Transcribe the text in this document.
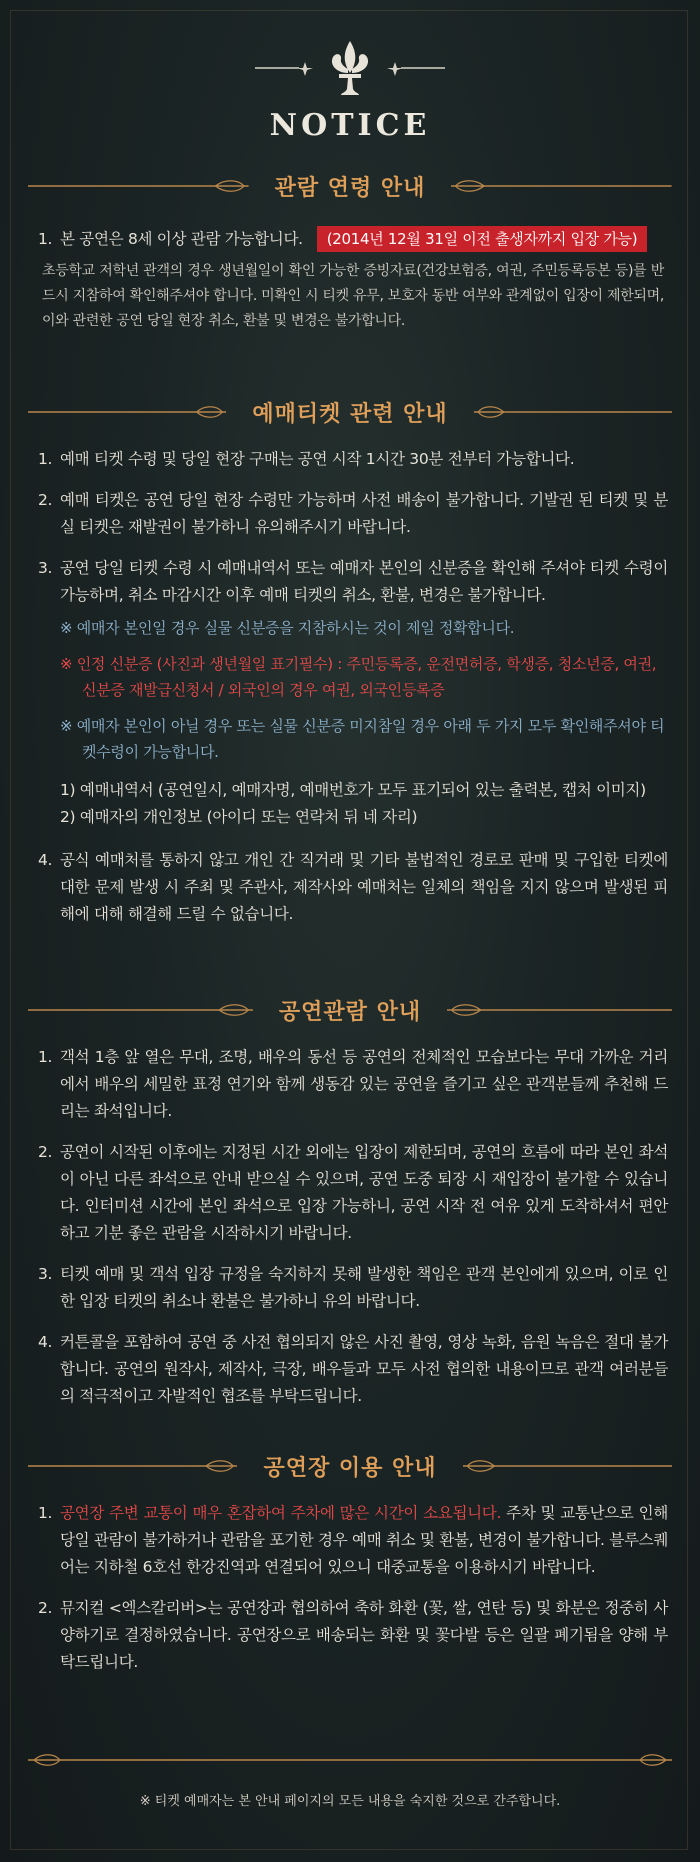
NOTICE
관람 연령 안내
1. 본 공연은 8세 이상 관람 가능합니다. (2014년 12월 31일 이전 출생자까지 입장 가능)
초등학교 저학년 관객의 경우 생년월일이 확인 가능한 증빙자료(건강보험증, 여권, 주민등록등본 등)를 반드시 지참하여 확인해주셔야 합니다. 미확인 시 티켓 유무, 보호자 동반 여부와 관계없이 입장이 제한되며, 이와 관련한 공연 당일 현장 취소, 환불 및 변경은 불가합니다.
예매티켓 관련 안내
1. 예매 티켓 수령 및 당일 현장 구매는 공연 시작 1시간 30분 전부터 가능합니다.
2. 예매 티켓은 공연 당일 현장 수령만 가능하며 사전 배송이 불가합니다. 기발권 된 티켓 및 분실 티켓은 재발권이 불가하니 유의해주시기 바랍니다.
3. 공연 당일 티켓 수령 시 예매내역서 또는 예매자 본인의 신분증을 확인해 주셔야 티켓 수령이 가능하며, 취소 마감시간 이후 예매 티켓의 취소, 환불, 변경은 불가합니다.
※ 예매자 본인일 경우 실물 신분증을 지참하시는 것이 제일 정확합니다.
※ 인정 신분증 (사진과 생년월일 표기필수) : 주민등록증, 운전면허증, 학생증, 청소년증, 여권, 신분증 재발급신청서 / 외국인의 경우 여권, 외국인등록증
※ 예매자 본인이 아닐 경우 또는 실물 신분증 미지참일 경우 아래 두 가지 모두 확인해주셔야 티켓수령이 가능합니다.
1) 예매내역서 (공연일시, 예매자명, 예매번호가 모두 표기되어 있는 출력본, 캡처 이미지)
2) 예매자의 개인정보 (아이디 또는 연락처 뒤 네 자리)
4. 공식 예매처를 통하지 않고 개인 간 직거래 및 기타 불법적인 경로로 판매 및 구입한 티켓에 대한 문제 발생 시 주최 및 주관사, 제작사와 예매처는 일체의 책임을 지지 않으며 발생된 피해에 대해 해결해 드릴 수 없습니다.
공연관람 안내
1. 객석 1층 앞 열은 무대, 조명, 배우의 동선 등 공연의 전체적인 모습보다는 무대 가까운 거리에서 배우의 세밀한 표정 연기와 함께 생동감 있는 공연을 즐기고 싶은 관객분들께 추천해 드리는 좌석입니다.
2. 공연이 시작된 이후에는 지정된 시간 외에는 입장이 제한되며, 공연의 흐름에 따라 본인 좌석이 아닌 다른 좌석으로 안내 받으실 수 있으며, 공연 도중 퇴장 시 재입장이 불가할 수 있습니다. 인터미션 시간에 본인 좌석으로 입장 가능하니, 공연 시작 전 여유 있게 도착하셔서 편안하고 기분 좋은 관람을 시작하시기 바랍니다.
3. 티켓 예매 및 객석 입장 규정을 숙지하지 못해 발생한 책임은 관객 본인에게 있으며, 이로 인한 입장 티켓의 취소나 환불은 불가하니 유의 바랍니다.
4. 커튼콜을 포함하여 공연 중 사전 협의되지 않은 사진 촬영, 영상 녹화, 음원 녹음은 절대 불가합니다. 공연의 원작사, 제작사, 극장, 배우들과 모두 사전 협의한 내용이므로 관객 여러분들의 적극적이고 자발적인 협조를 부탁드립니다.
공연장 이용 안내
1. 공연장 주변 교통이 매우 혼잡하여 주차에 많은 시간이 소요됩니다. 주차 및 교통난으로 인해 당일 관람이 불가하거나 관람을 포기한 경우 예매 취소 및 환불, 변경이 불가합니다. 블루스퀘어는 지하철 6호선 한강진역과 연결되어 있으니 대중교통을 이용하시기 바랍니다.
2. 뮤지컬 <엑스칼리버>는 공연장과 협의하여 축하 화환 (꽃, 쌀, 연탄 등) 및 화분은 정중히 사양하기로 결정하였습니다. 공연장으로 배송되는 화환 및 꽃다발 등은 일괄 폐기됨을 양해 부탁드립니다.
※ 티켓 예매자는 본 안내 페이지의 모든 내용을 숙지한 것으로 간주합니다.
